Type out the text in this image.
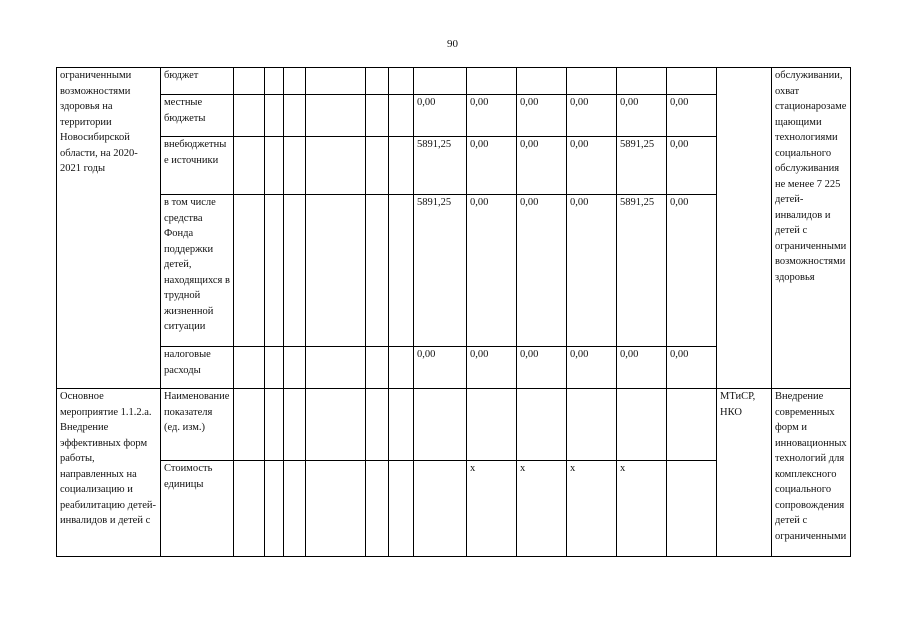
90
ограниченными возможностями здоровья на территории Новосибирской области, на 2020-2021 годы	бюджет														обслуживании, охват стационарозамещающими технологиями социального обслуживания не менее 7 225 детей-инвалидов и детей с ограниченными возможностями здоровья
	местные бюджеты							0,00	0,00	0,00	0,00	0,00	0,00		
	внебюджетные источники							5891,25	0,00	0,00	0,00	5891,25	0,00		
	в том числе средства Фонда поддержки детей, находящихся в трудной жизненной ситуации							5891,25	0,00	0,00	0,00	5891,25	0,00		
	налоговые расходы							0,00	0,00	0,00	0,00	0,00	0,00		
Основное мероприятие 1.1.2.а. Внедрение эффективных форм работы, направленных на социализацию и реабилитацию детей-инвалидов и детей с	Наименование показателя (ед. изм.)													МТиСР, НКО	Внедрение современных форм и инновационных технологий для комплексного социального сопровождения детей с ограниченными
	Стоимость единицы								х	х	х	х			
